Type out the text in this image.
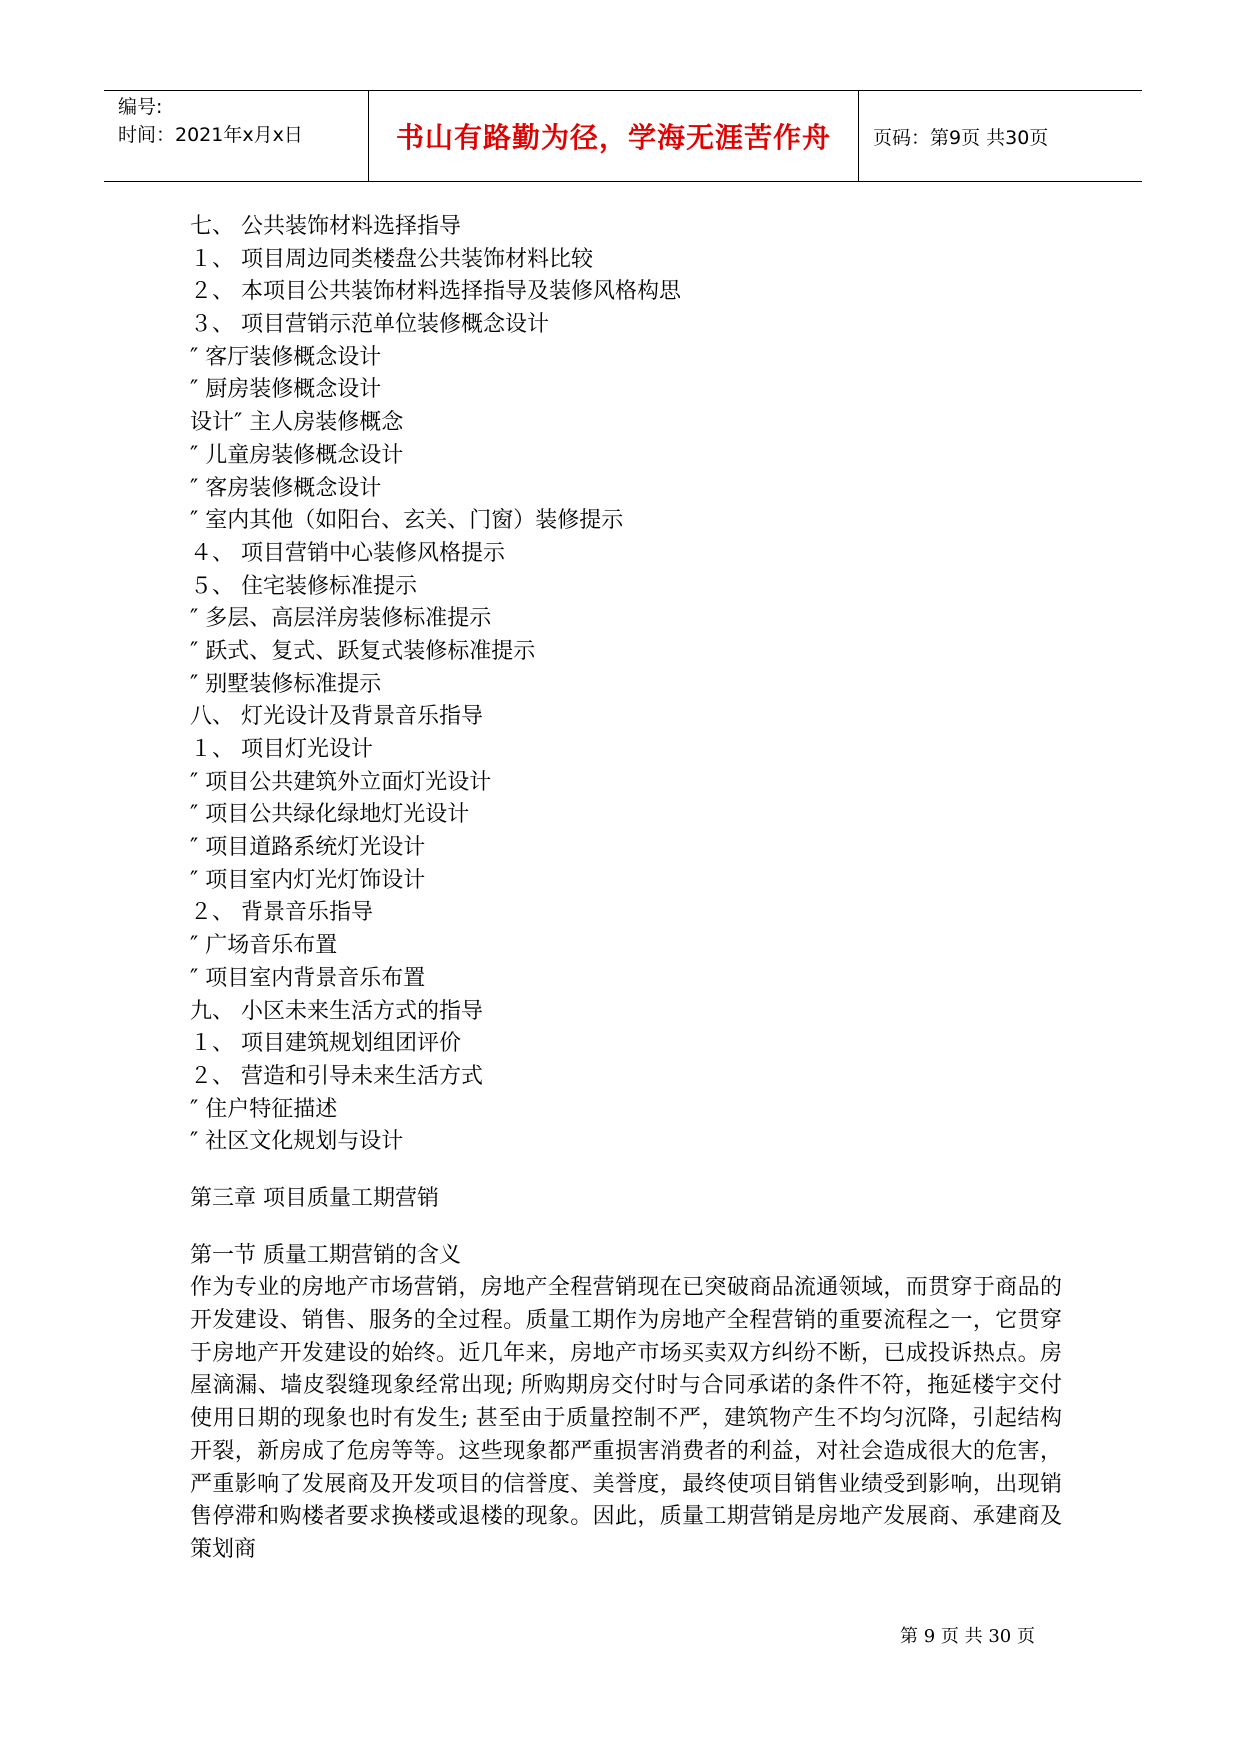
编号:
时间：2021年x月x日	书山有路勤为径，学海无涯苦作舟	页码：第9页 共30页
七、 公共装饰材料选择指导
１、 项目周边同类楼盘公共装饰材料比较
２、 本项目公共装饰材料选择指导及装修风格构思
３、 项目营销示范单位装修概念设计
″ 客厅装修概念设计
″ 厨房装修概念设计
设计″ 主人房装修概念
″ 儿童房装修概念设计
″ 客房装修概念设计
″ 室内其他（如阳台、玄关、门窗）装修提示
４、 项目营销中心装修风格提示
５、 住宅装修标准提示
″ 多层、高层洋房装修标准提示
″ 跃式、复式、跃复式装修标准提示
″ 别墅装修标准提示
八、 灯光设计及背景音乐指导
１、 项目灯光设计
″ 项目公共建筑外立面灯光设计
″ 项目公共绿化绿地灯光设计
″ 项目道路系统灯光设计
″ 项目室内灯光灯饰设计
２、 背景音乐指导
″ 广场音乐布置
″ 项目室内背景音乐布置
九、 小区未来生活方式的指导
１、 项目建筑规划组团评价
２、 营造和引导未来生活方式
″ 住户特征描述
″ 社区文化规划与设计
第三章 项目质量工期营销
第一节 质量工期营销的含义
作为专业的房地产市场营销，房地产全程营销现在已突破商品流通领域，而贯穿于商品的开发建设、销售、服务的全过程。质量工期作为房地产全程营销的重要流程之一，它贯穿于房地产开发建设的始终。近几年来，房地产市场买卖双方纠纷不断，已成投诉热点。房屋滴漏、墙皮裂缝现象经常出现; 所购期房交付时与合同承诺的条件不符，拖延楼宇交付使用日期的现象也时有发生; 甚至由于质量控制不严，建筑物产生不均匀沉降，引起结构开裂，新房成了危房等等。这些现象都严重损害消费者的利益，对社会造成很大的危害，严重影响了发展商及开发项目的信誉度、美誉度，最终使项目销售业绩受到影响，出现销售停滞和购楼者要求换楼或退楼的现象。因此，质量工期营销是房地产发展商、承建商及策划商
第 9 页 共 30 页
